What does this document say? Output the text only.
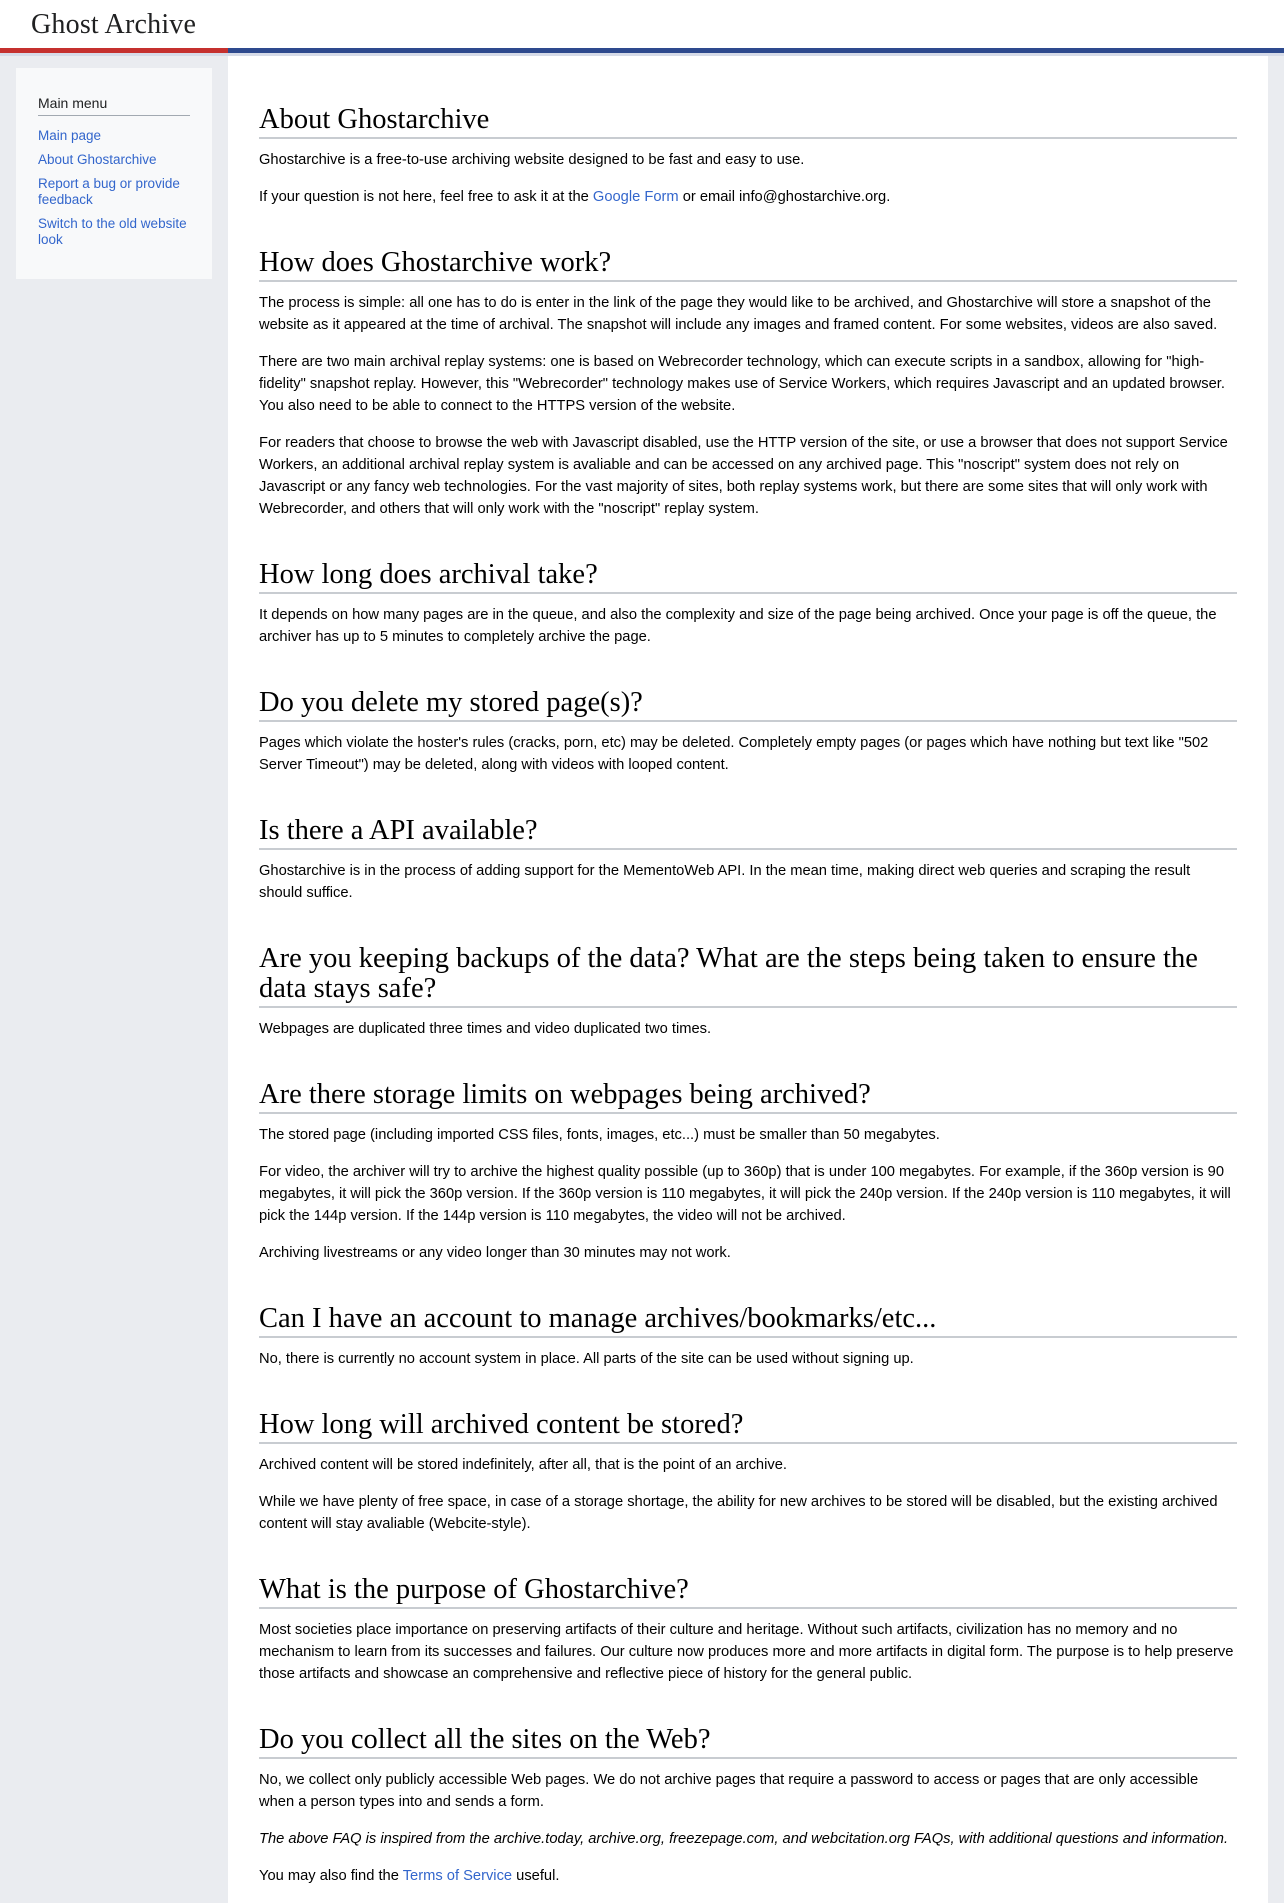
Ghost Archive
Main menu
Main page
About Ghostarchive
Report a bug or provide feedback
Switch to the old website look
About Ghostarchive

Ghostarchive is a free-to-use archiving website designed to be fast and easy to use.

If your question is not here, feel free to ask it at the Google Form or email info@ghostarchive.org.

How does Ghostarchive work?

The process is simple: all one has to do is enter in the link of the page they would like to be archived, and Ghostarchive will store a snapshot of the website as it appeared at the time of archival. The snapshot will include any images and framed content. For some websites, videos are also saved.

There are two main archival replay systems: one is based on Webrecorder technology, which can execute scripts in a sandbox, allowing for "high-fidelity" snapshot replay. However, this "Webrecorder" technology makes use of Service Workers, which requires Javascript and an updated browser. You also need to be able to connect to the HTTPS version of the website.

For readers that choose to browse the web with Javascript disabled, use the HTTP version of the site, or use a browser that does not support Service Workers, an additional archival replay system is avaliable and can be accessed on any archived page. This "noscript" system does not rely on Javascript or any fancy web technologies. For the vast majority of sites, both replay systems work, but there are some sites that will only work with Webrecorder, and others that will only work with the "noscript" replay system.

How long does archival take?

It depends on how many pages are in the queue, and also the complexity and size of the page being archived. Once your page is off the queue, the archiver has up to 5 minutes to completely archive the page.

Do you delete my stored page(s)?

Pages which violate the hoster's rules (cracks, porn, etc) may be deleted. Completely empty pages (or pages which have nothing but text like "502 Server Timeout") may be deleted, along with videos with looped content.

Is there a API available?

Ghostarchive is in the process of adding support for the MementoWeb API. In the mean time, making direct web queries and scraping the result should suffice.

Are you keeping backups of the data? What are the steps being taken to ensure the data stays safe?

Webpages are duplicated three times and video duplicated two times.

Are there storage limits on webpages being archived?

The stored page (including imported CSS files, fonts, images, etc...) must be smaller than 50 megabytes.

For video, the archiver will try to archive the highest quality possible (up to 360p) that is under 100 megabytes. For example, if the 360p version is 90 megabytes, it will pick the 360p version. If the 360p version is 110 megabytes, it will pick the 240p version. If the 240p version is 110 megabytes, it will pick the 144p version. If the 144p version is 110 megabytes, the video will not be archived.

Archiving livestreams or any video longer than 30 minutes may not work.

Can I have an account to manage archives/bookmarks/etc...

No, there is currently no account system in place. All parts of the site can be used without signing up.

How long will archived content be stored?

Archived content will be stored indefinitely, after all, that is the point of an archive.

While we have plenty of free space, in case of a storage shortage, the ability for new archives to be stored will be disabled, but the existing archived content will stay avaliable (Webcite-style).

What is the purpose of Ghostarchive?

Most societies place importance on preserving artifacts of their culture and heritage. Without such artifacts, civilization has no memory and no mechanism to learn from its successes and failures. Our culture now produces more and more artifacts in digital form. The purpose is to help preserve those artifacts and showcase an comprehensive and reflective piece of history for the general public.

Do you collect all the sites on the Web?

No, we collect only publicly accessible Web pages. We do not archive pages that require a password to access or pages that are only accessible when a person types into and sends a form.

The above FAQ is inspired from the archive.today, archive.org, freezepage.com, and webcitation.org FAQs, with additional questions and information.

You may also find the Terms of Service useful.
